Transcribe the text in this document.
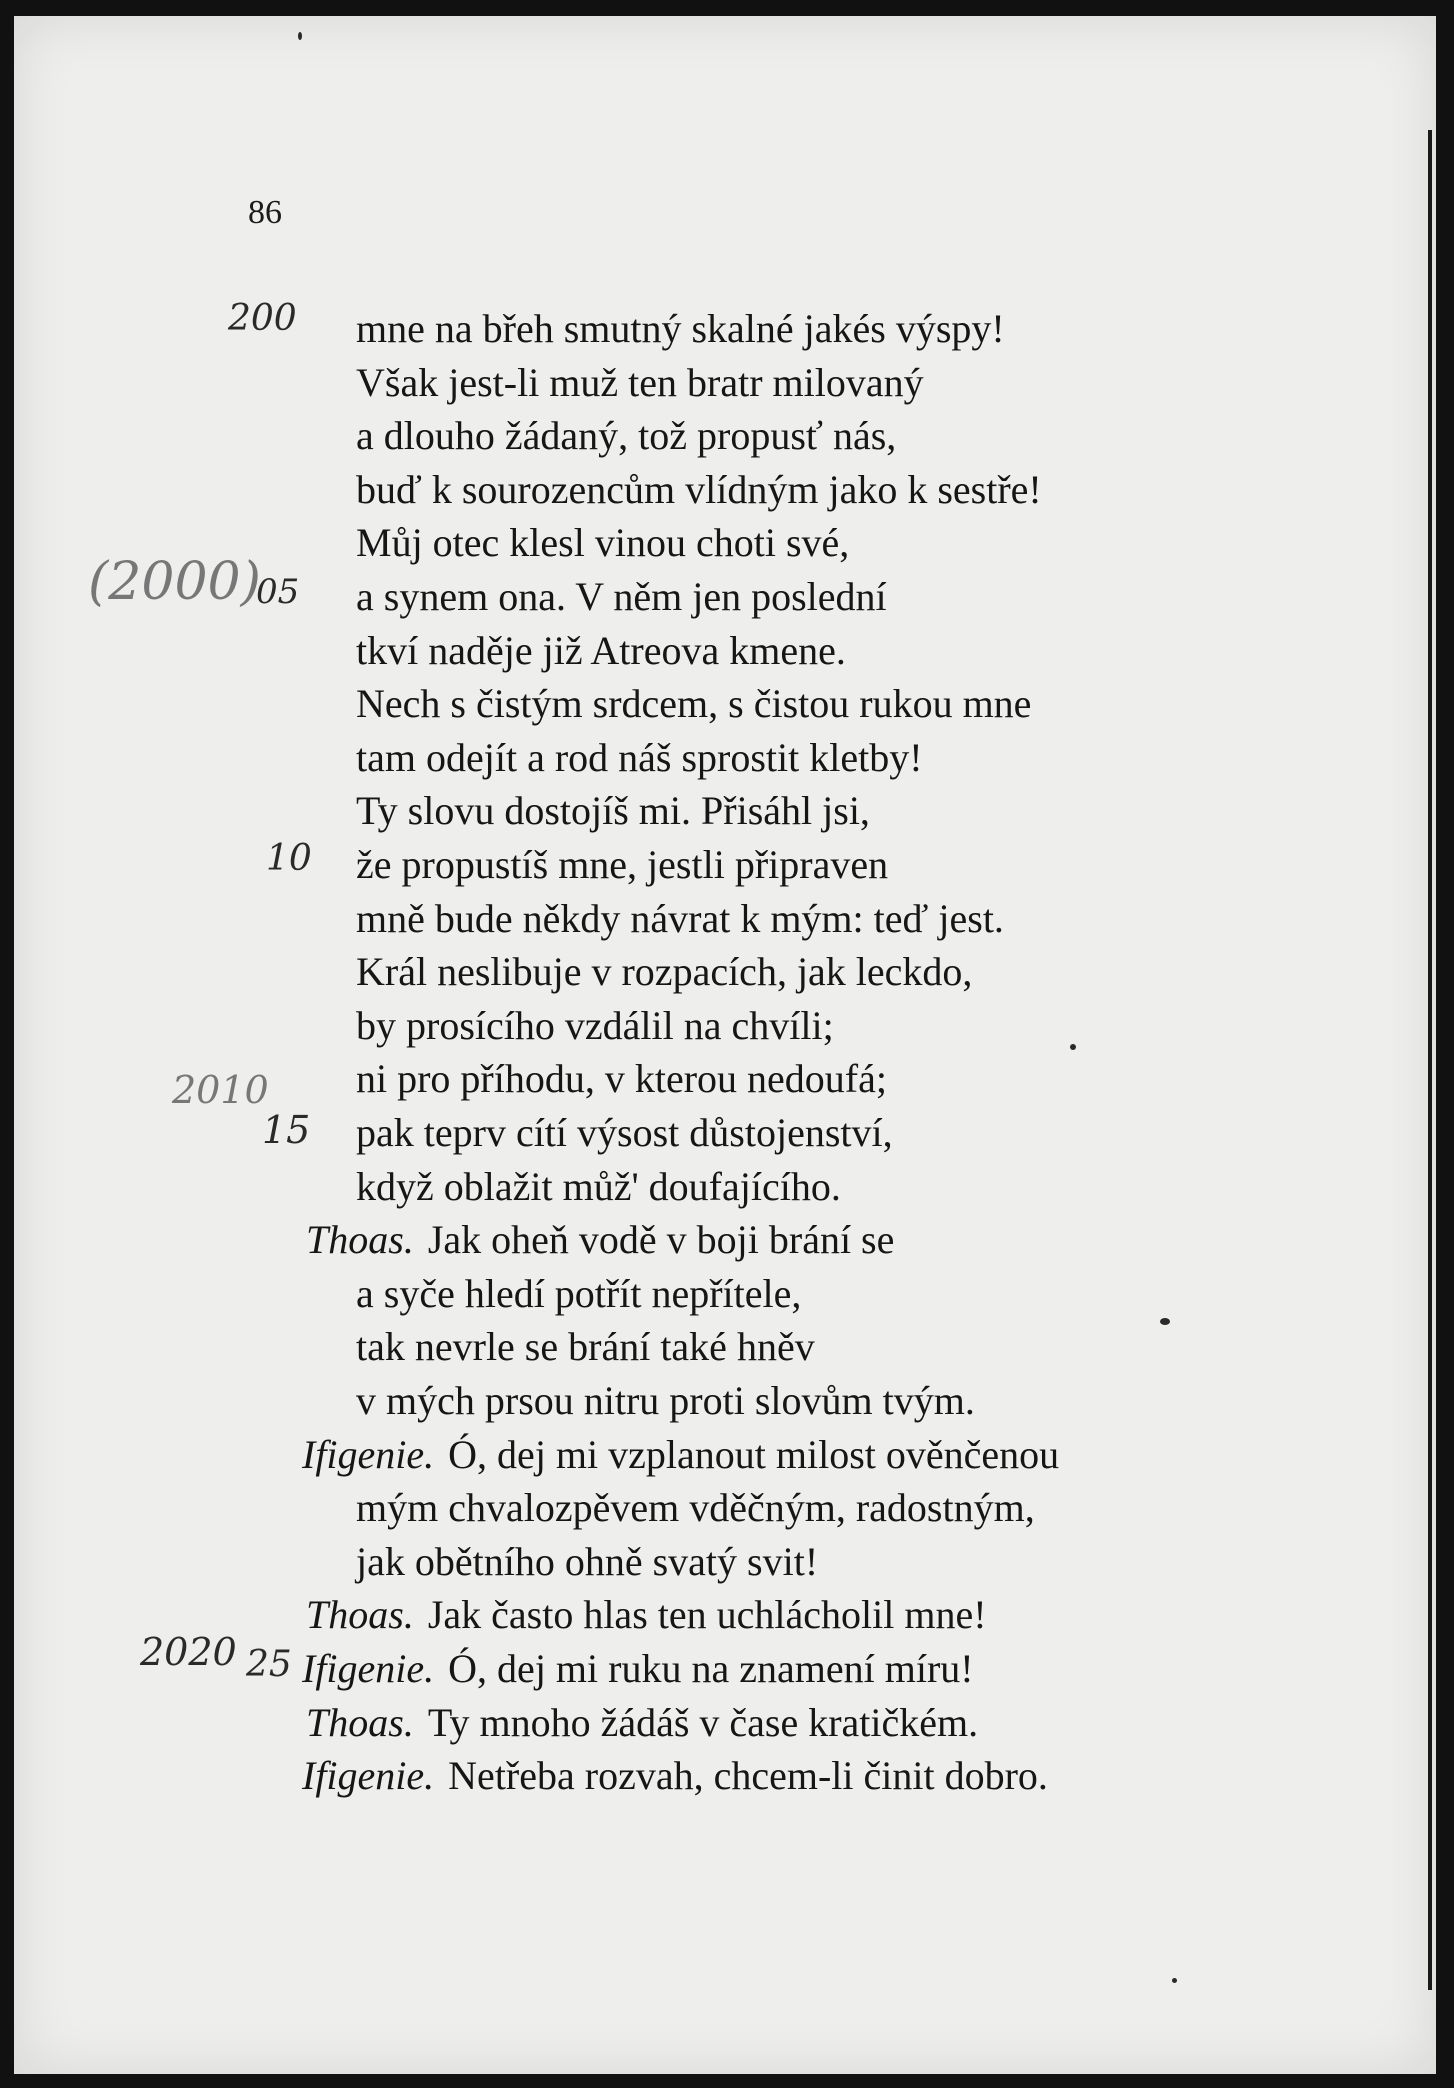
86
200
(2000)
05
10
2010
15
2020 25
mne na břeh smutný skalné jakés výspy!
Však jest-li muž ten bratr milovaný
a dlouho žádaný, tož propusť nás,
buď k sourozencům vlídným jako k sestře!
Můj otec klesl vinou choti své,
a synem ona. V něm jen poslední
tkví naděje již Atreova kmene.
Nech s čistým srdcem, s čistou rukou mne
tam odejít a rod náš sprostit kletby!
Ty slovu dostojíš mi. Přisáhl jsi,
že propustíš mne, jestli připraven
mně bude někdy návrat k mým: teď jest.
Král neslibuje v rozpacích, jak leckdo,
by prosícího vzdálil na chvíli;
ni pro příhodu, v kterou nedoufá;
pak teprv cítí výsost důstojenství,
když oblažit můž' doufajícího.
Thoas. Jak oheň vodě v boji brání se
a syče hledí potřít nepřítele,
tak nevrle se brání také hněv
v mých prsou nitru proti slovům tvým.
Ifigenie. Ó, dej mi vzplanout milost ověnčenou
mým chvalozpěvem vděčným, radostným,
jak obětního ohně svatý svit!
Thoas. Jak často hlas ten uchlácholil mne!
Ifigenie. Ó, dej mi ruku na znamení míru!
Thoas. Ty mnoho žádáš v čase kratičkém.
Ifigenie. Netřeba rozvah, chcem-li činit dobro.
